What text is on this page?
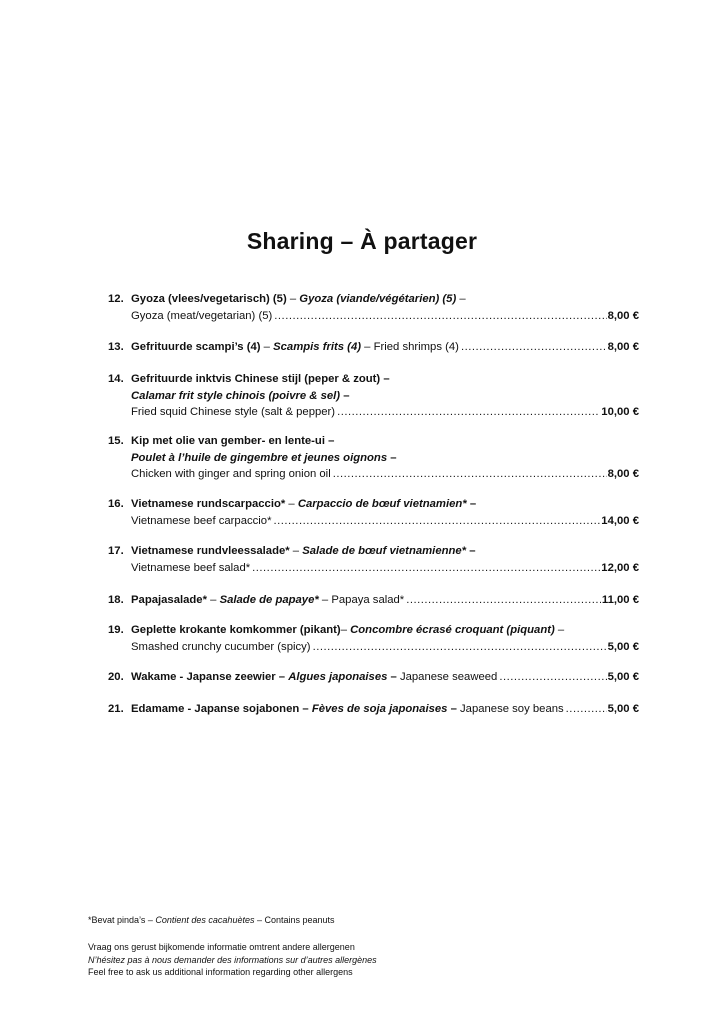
Sharing – À partager
12. Gyoza (vlees/vegetarisch) (5) – Gyoza (viande/végétarien) (5) –
Gyoza (meat/vegetarian) (5) .....	8,00 €
13. Gefrituurde scampi’s (4) – Scampis frits (4) – Fried shrimps (4) .....	8,00 €
14. Gefrituurde inktvis Chinese stijl (peper & zout) –
Calamar frit style chinois (poivre & sel) –
Fried squid Chinese style (salt & pepper) .....	10,00 €
15. Kip met olie van gember- en lente-ui –
Poulet à l’huile de gingembre et jeunes oignons –
Chicken with ginger and spring onion oil .....	8,00 €
16. Vietnamese rundscarpaccio* – Carpaccio de bœuf vietnamien* –
Vietnamese beef carpaccio* .....	14,00 €
17. Vietnamese rundvleessalade* – Salade de bœuf vietnamienne* –
Vietnamese beef salad* .....	12,00 €
18. Papajasalade* – Salade de papaye* – Papaya salad* .....	11,00 €
19. Geplette krokante komkommer (pikant)– Concombre écrasé croquant (piquant) –
Smashed crunchy cucumber (spicy) .....	5,00 €
20. Wakame - Japanse zeewier – Algues japonaises – Japanese seaweed .....	5,00 €
21. Edamame - Japanse sojabonen – Fèves de soja japonaises – Japanese soy beans .....	5,00 €
*Bevat pinda’s – Contient des cacahuètes – Contains peanuts
Vraag ons gerust bijkomende informatie omtrent andere allergenen
N’hésitez pas à nous demander des informations sur d’autres allergènes
Feel free to ask us additional information regarding other allergens
